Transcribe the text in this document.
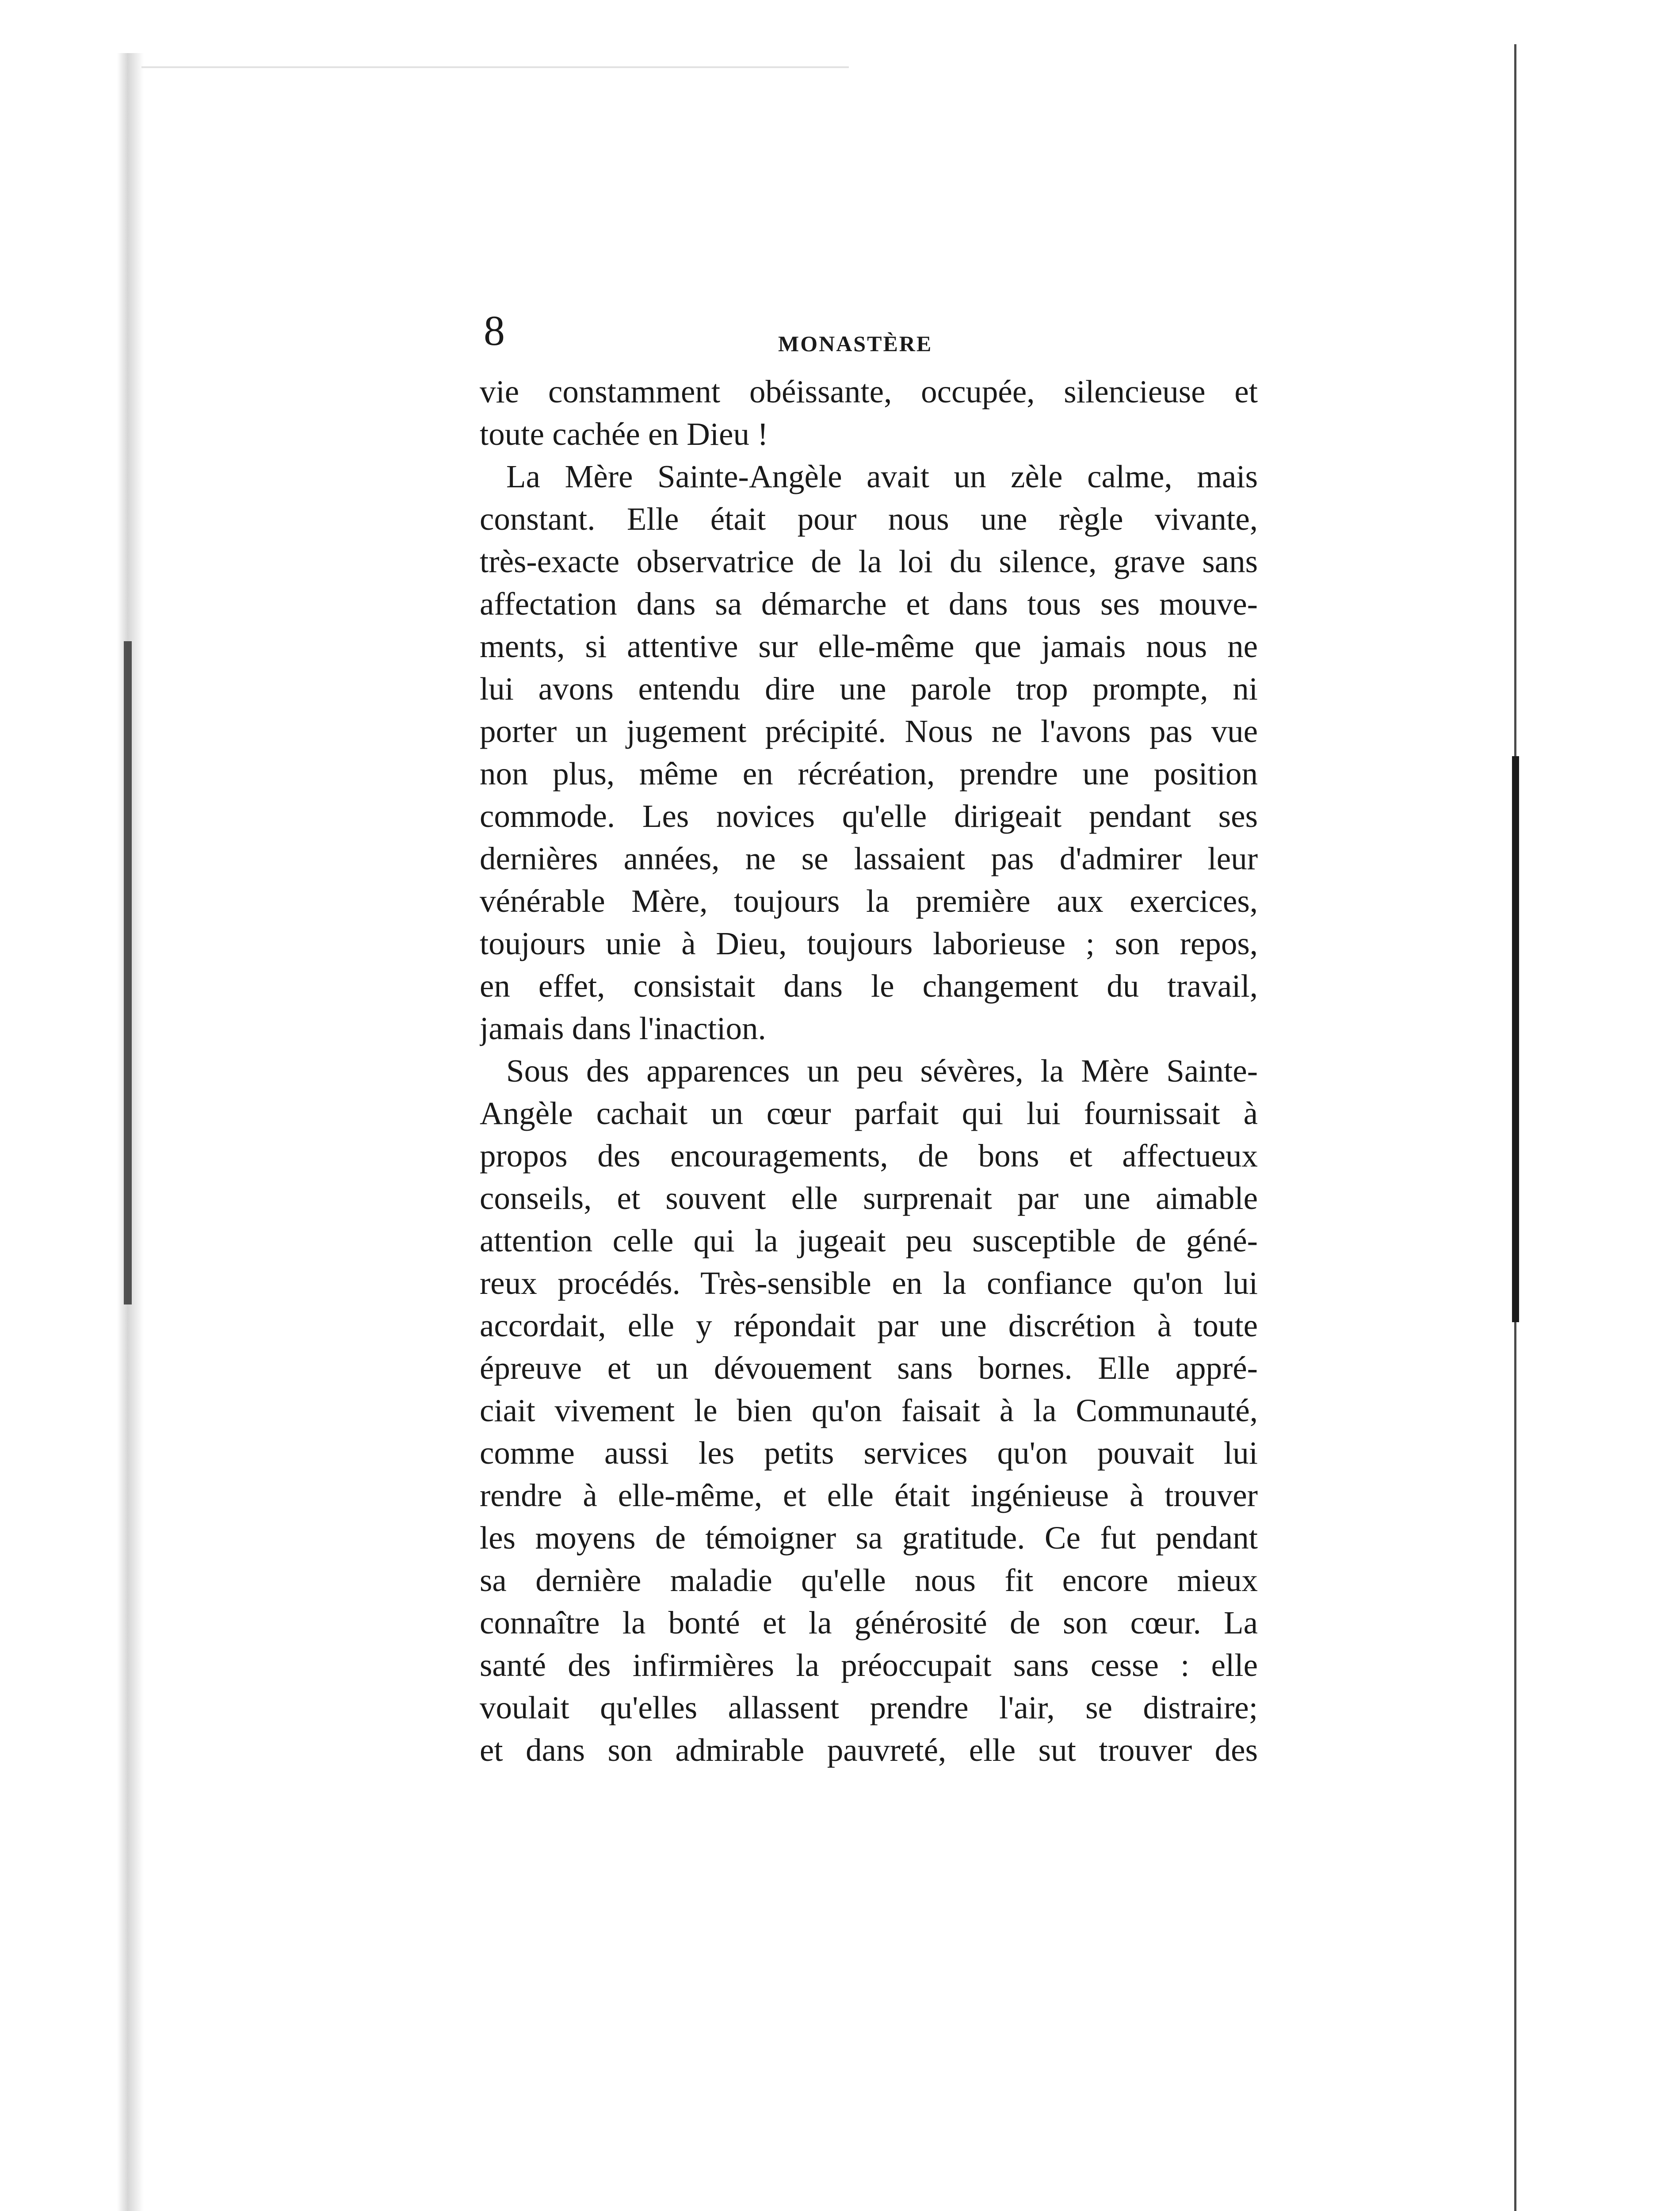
8	MONASTÈRE
vie constamment obéissante, occupée, silencieuse et
toute cachée en Dieu !
La Mère Sainte-Angèle avait un zèle calme, mais
constant. Elle était pour nous une règle vivante,
très-exacte observatrice de la loi du silence, grave sans
affectation dans sa démarche et dans tous ses mouve-
ments, si attentive sur elle-même que jamais nous ne
lui avons entendu dire une parole trop prompte, ni
porter un jugement précipité. Nous ne l'avons pas vue
non plus, même en récréation, prendre une position
commode. Les novices qu'elle dirigeait pendant ses
dernières années, ne se lassaient pas d'admirer leur
vénérable Mère, toujours la première aux exercices,
toujours unie à Dieu, toujours laborieuse ; son repos,
en effet, consistait dans le changement du travail,
jamais dans l'inaction.
Sous des apparences un peu sévères, la Mère Sainte-
Angèle cachait un cœur parfait qui lui fournissait à
propos des encouragements, de bons et affectueux
conseils, et souvent elle surprenait par une aimable
attention celle qui la jugeait peu susceptible de géné-
reux procédés. Très-sensible en la confiance qu'on lui
accordait, elle y répondait par une discrétion à toute
épreuve et un dévouement sans bornes. Elle appré-
ciait vivement le bien qu'on faisait à la Communauté,
comme aussi les petits services qu'on pouvait lui
rendre à elle-même, et elle était ingénieuse à trouver
les moyens de témoigner sa gratitude. Ce fut pendant
sa dernière maladie qu'elle nous fit encore mieux
connaître la bonté et la générosité de son cœur. La
santé des infirmières la préoccupait sans cesse : elle
voulait qu'elles allassent prendre l'air, se distraire;
et dans son admirable pauvreté, elle sut trouver des
